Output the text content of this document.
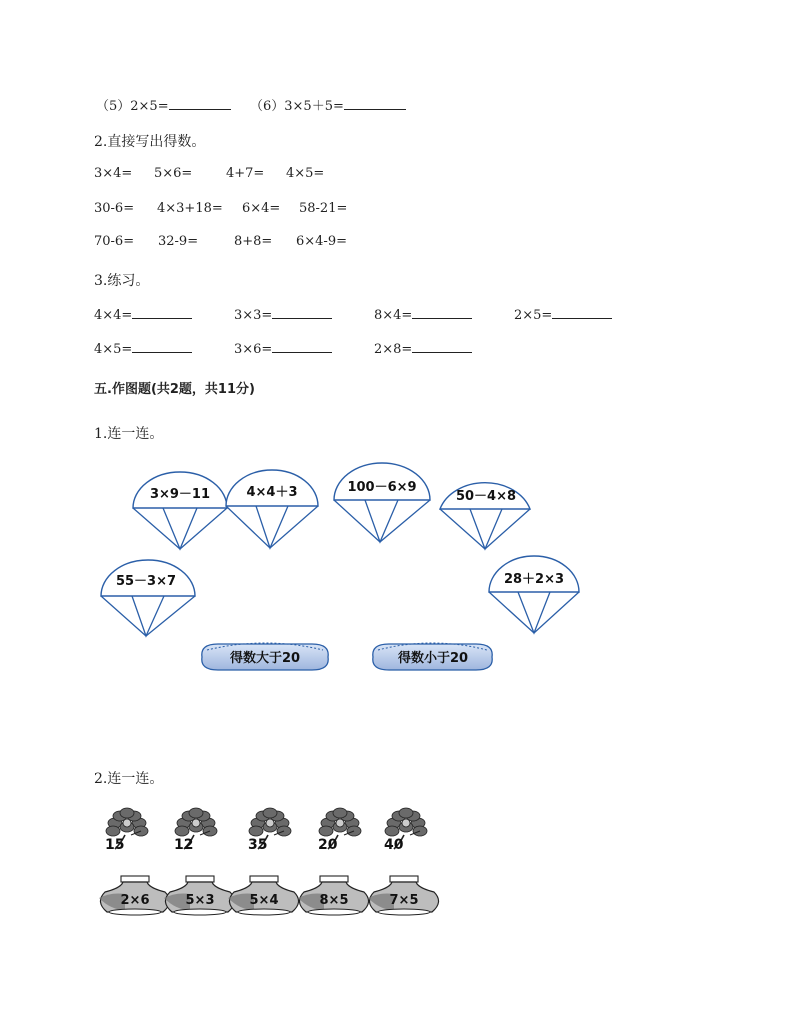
（5）2×5=	（6）3×5＋5=
2.直接写出得数。
3×4= 5×6=	4+7= 4×5=
30-6= 4×3+18= 6×4= 58-21=
70-6= 32-9=	8+8= 6×4-9=
3.练习。
4×4=	3×3=	8×4=	2×5=
4×5=	3×6=	2×8=
五.作图题(共2题，共11分)
1.连一连。
3×9－11	4×4＋3	100－6×9
50－4×8
55－3×7	28＋2×3
得数大于20	得数小于20
2.连一连。
15	12	35	20	40
2×6	5×3	5×4	8×5	7×5
